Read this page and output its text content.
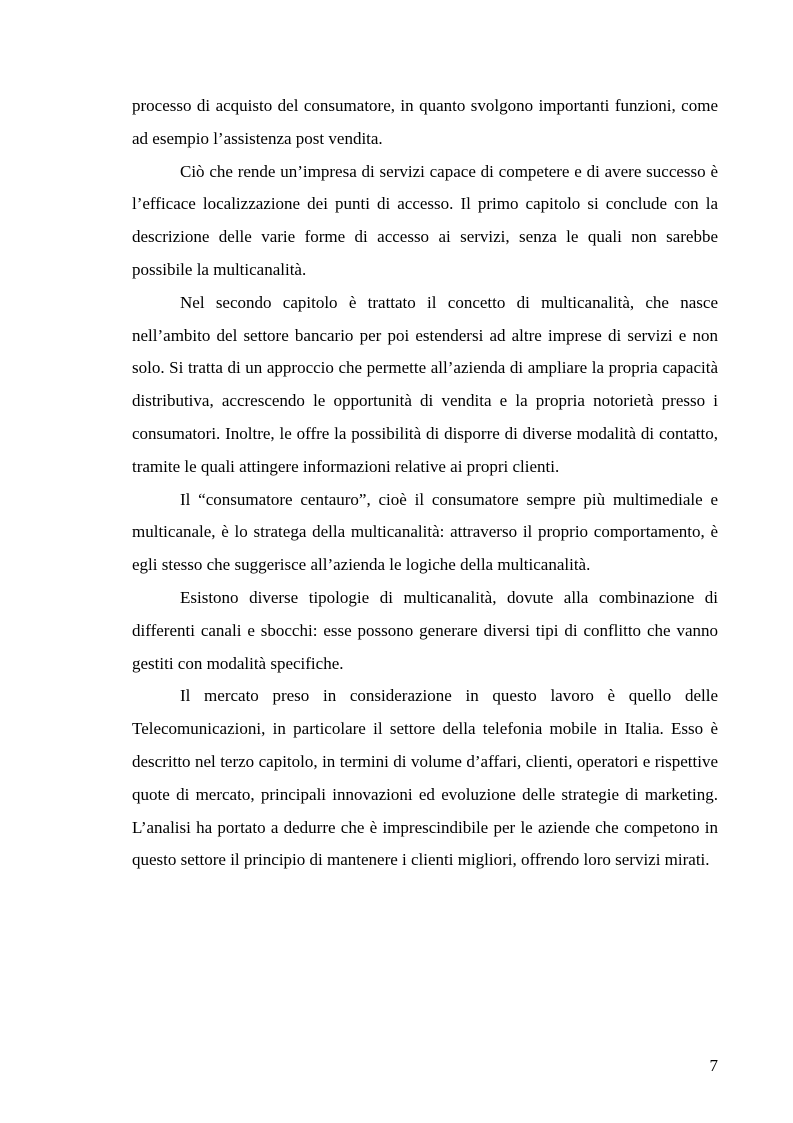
processo di acquisto del consumatore, in quanto svolgono importanti funzioni, come ad esempio l’assistenza post vendita.

Ciò che rende un’impresa di servizi capace di competere e di avere successo è l’efficace localizzazione dei punti di accesso. Il primo capitolo si conclude con la descrizione delle varie forme di accesso ai servizi, senza le quali non sarebbe possibile la multicanalità.

Nel secondo capitolo è trattato il concetto di multicanalità, che nasce nell’ambito del settore bancario per poi estendersi ad altre imprese di servizi e non solo. Si tratta di un approccio che permette all’azienda di ampliare la propria capacità distributiva, accrescendo le opportunità di vendita e la propria notorietà presso i consumatori. Inoltre, le offre la possibilità di disporre di diverse modalità di contatto, tramite le quali attingere informazioni relative ai propri clienti.

Il “consumatore centauro”, cioè il consumatore sempre più multimediale e multicanale, è lo stratega della multicanalità: attraverso il proprio comportamento, è egli stesso che suggerisce all’azienda le logiche della multicanalità.

Esistono diverse tipologie di multicanalità, dovute alla combinazione di differenti canali e sbocchi: esse possono generare diversi tipi di conflitto che vanno gestiti con modalità specifiche.

Il mercato preso in considerazione in questo lavoro è quello delle Telecomunicazioni, in particolare il settore della telefonia mobile in Italia. Esso è descritto nel terzo capitolo, in termini di volume d’affari, clienti, operatori e rispettive quote di mercato, principali innovazioni ed evoluzione delle strategie di marketing. L’analisi ha portato a dedurre che è imprescindibile per le aziende che competono in questo settore il principio di mantenere i clienti migliori, offrendo loro servizi mirati.

7
